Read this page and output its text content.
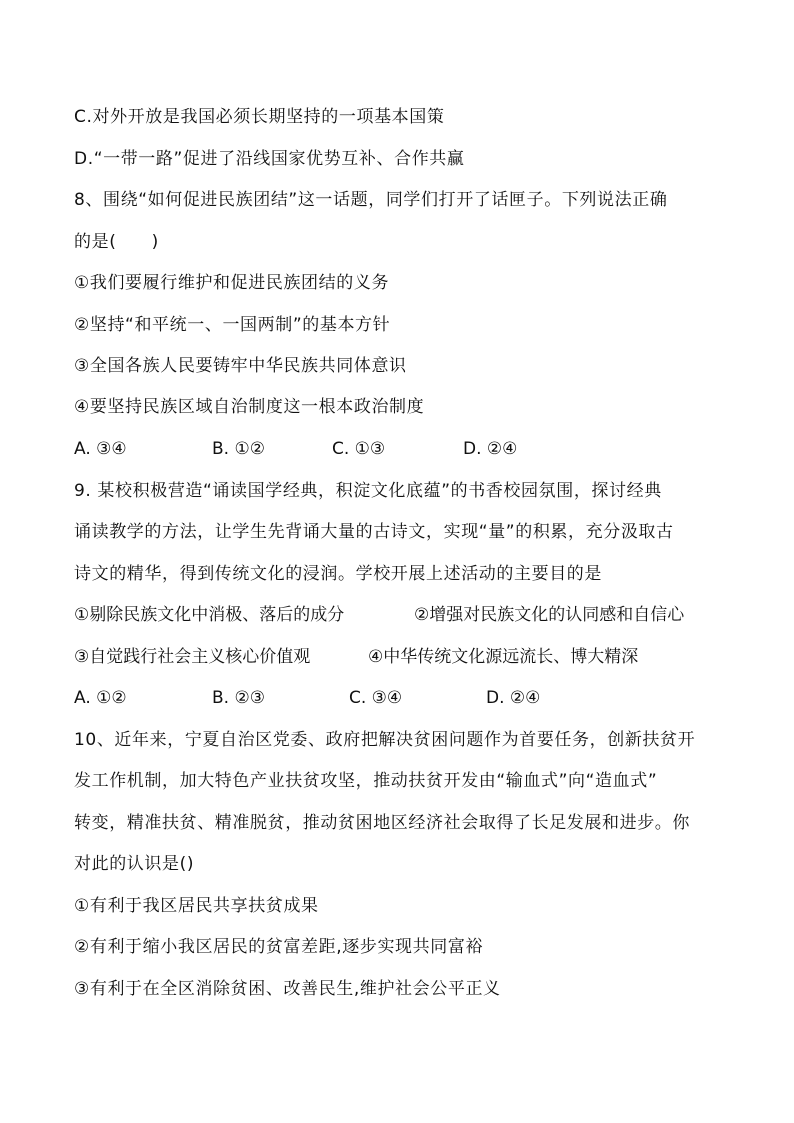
C.对外开放是我国必须长期坚持的一项基本国策
D.“一带一路”促进了沿线国家优势互补、合作共赢
8、围绕“如何促进民族团结”这一话题，同学们打开了话匣子。下列说法正确
的是(　　)
①我们要履行维护和促进民族团结的义务
②坚持“和平统一、一国两制”的基本方针
③全国各族人民要铸牢中华民族共同体意识
④要坚持民族区域自治制度这一根本政治制度
A. ③④	B. ①②	C. ①③	D. ②④
9. 某校积极营造“诵读国学经典，积淀文化底蕴”的书香校园氛围，探讨经典
诵读教学的方法，让学生先背诵大量的古诗文，实现“量”的积累，充分汲取古
诗文的精华，得到传统文化的浸润。学校开展上述活动的主要目的是
①剔除民族文化中消极、落后的成分	②增强对民族文化的认同感和自信心
③自觉践行社会主义核心价值观	④中华传统文化源远流长、博大精深
A. ①②	B. ②③	C. ③④	D. ②④
10、近年来，宁夏自治区党委、政府把解决贫困问题作为首要任务，创新扶贫开
发工作机制，加大特色产业扶贫攻坚，推动扶贫开发由“输血式”向“造血式”
转变，精准扶贫、精准脱贫，推动贫困地区经济社会取得了长足发展和进步。你
对此的认识是()
①有利于我区居民共享扶贫成果
②有利于缩小我区居民的贫富差距,逐步实现共同富裕
③有利于在全区消除贫困、改善民生,维护社会公平正义
